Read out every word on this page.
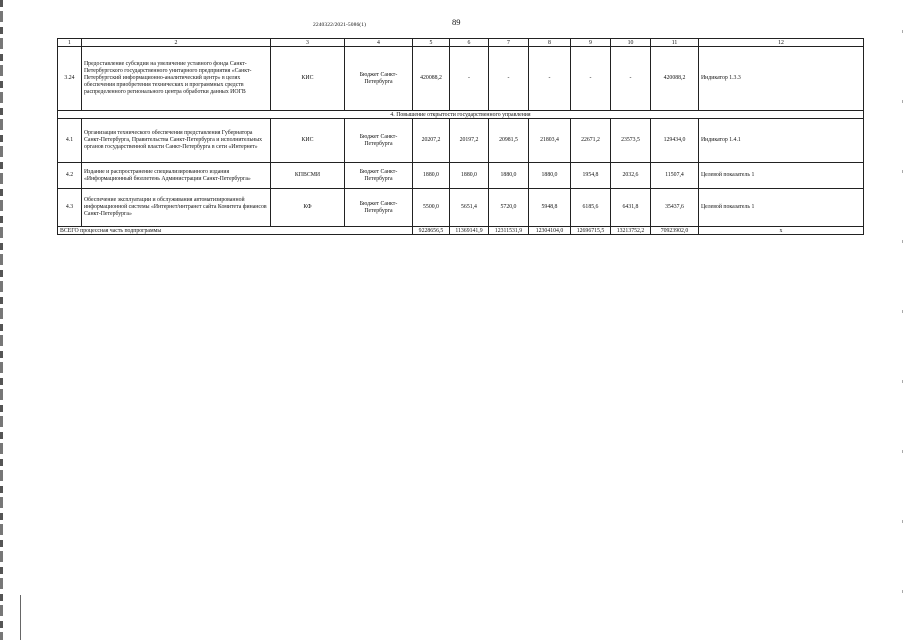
2240322/2021-5086(1)	89
1	2	3	4	5	6	7	8	9	10	11	12
3.24	Предоставление субсидии на увеличение уставного фонда Санкт-Петербургского государственного унитарного предприятия «Санкт-Петербургский информационно-аналитический центр» в целях обеспечения приобретения технических и программных средств распределенного регионального центра обработки данных ИОГВ	КИС	Бюджет Санкт-Петербурга	420088,2	-	-	-	-	-	420088,2	Индикатор 1.3.3
4. Повышение открытости государственного управления											
4.1	Организация технического обеспечения представления Губернатора Санкт-Петербурга, Правительства Санкт-Петербурга и исполнительных органов государственной власти Санкт-Петербурга в сети «Интернет»	КИС	Бюджет Санкт-Петербурга	20207,2	20197,2	20981,5	21803,4	22671,2	23573,5	129434,0	Индикатор 1.4.1
4.2	Издание и распространение специализированного издания «Информационный бюллетень Администрации Санкт-Петербурга»	КПВСМИ	Бюджет Санкт-Петербурга	1880,0	1880,0	1880,0	1880,0	1954,8	2032,6	11507,4	Целевой показатель 1
4.3	Обеспечение эксплуатации и обслуживания автоматизированной информационной системы «Интернет/интранет сайта Комитета финансов Санкт-Петербурга»	КФ	Бюджет Санкт-Петербурга	5500,0	5651,4	5720,0	5948,8	6185,6	6431,8	35437,6	Целевой показатель 1
ВСЕГО процессная часть подпрограммы				9228656,5	11369141,9	12311531,9	12304104,0	12696715,5	13213752,2	70923902,0	x
